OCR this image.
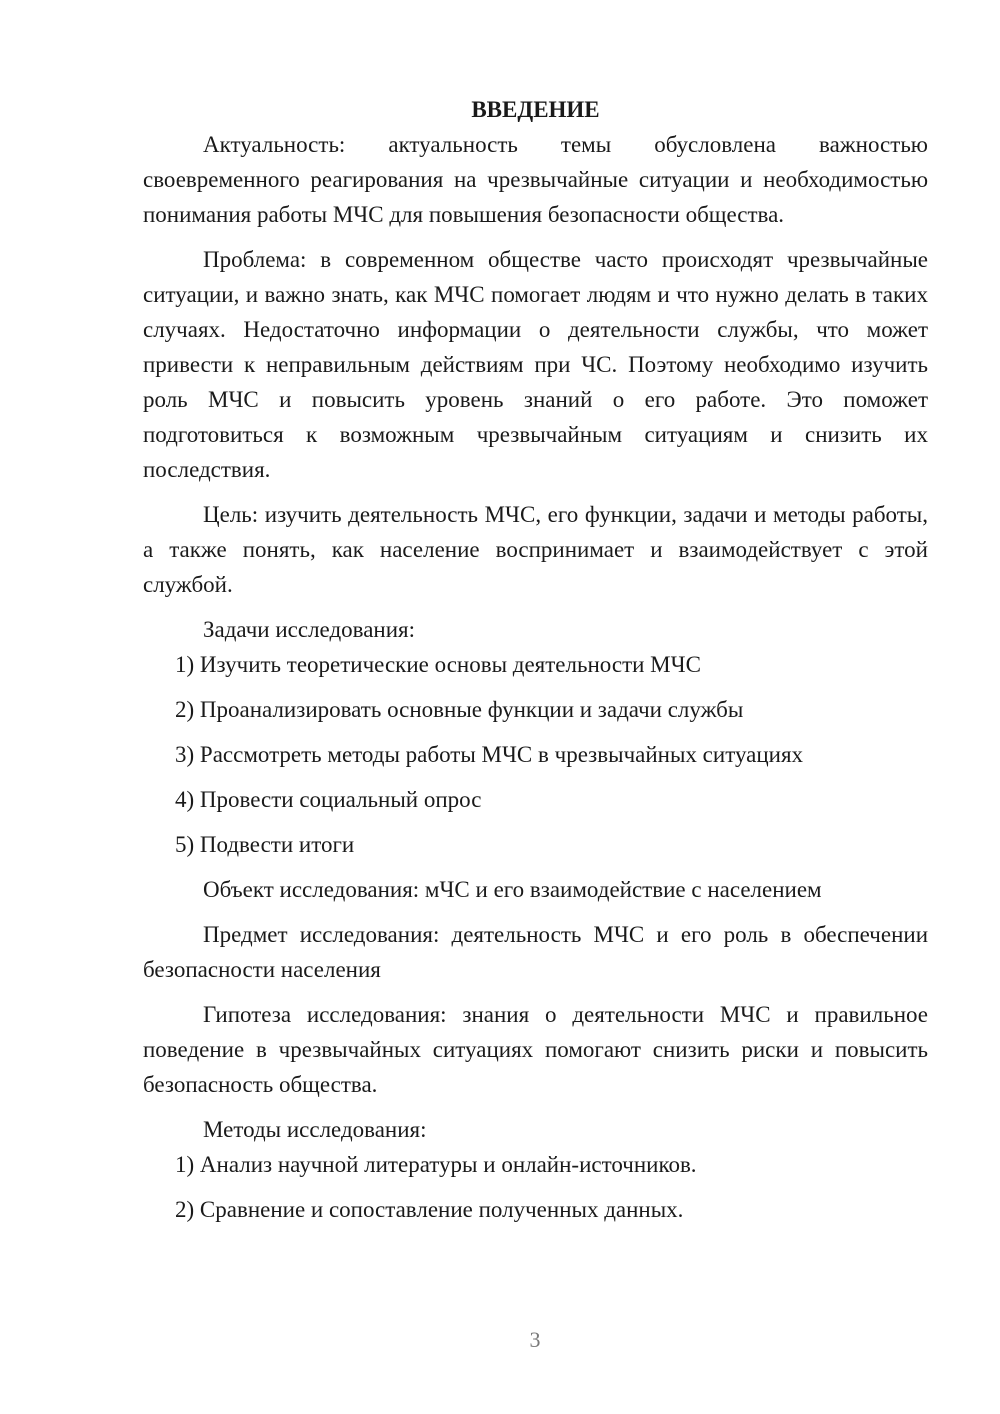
ВВЕДЕНИЕ

Актуальность: актуальность темы обусловлена важностью своевременного реагирования на чрезвычайные ситуации и необходимостью понимания работы МЧС для повышения безопасности общества.

Проблема: в современном обществе часто происходят чрезвычайные ситуации, и важно знать, как МЧС помогает людям и что нужно делать в таких случаях. Недостаточно информации о деятельности службы, что может привести к неправильным действиям при ЧС. Поэтому необходимо изучить роль МЧС и повысить уровень знаний о его работе. Это поможет подготовиться к возможным чрезвычайным ситуациям и снизить их последствия.

Цель: изучить деятельность МЧС, его функции, задачи и методы работы, а также понять, как население воспринимает и взаимодействует с этой службой.

Задачи исследования:

1) Изучить теоретические основы деятельности МЧС

2) Проанализировать основные функции и задачи службы

3) Рассмотреть методы работы МЧС в чрезвычайных ситуациях

4) Провести социальный опрос

5) Подвести итоги

Объект исследования: мЧС и его взаимодействие с населением

Предмет исследования: деятельность МЧС и его роль в обеспечении безопасности населения

Гипотеза исследования: знания о деятельности МЧС и правильное поведение в чрезвычайных ситуациях помогают снизить риски и повысить безопасность общества.

Методы исследования:

1) Анализ научной литературы и онлайн-источников.

2) Сравнение и сопоставление полученных данных.

3
